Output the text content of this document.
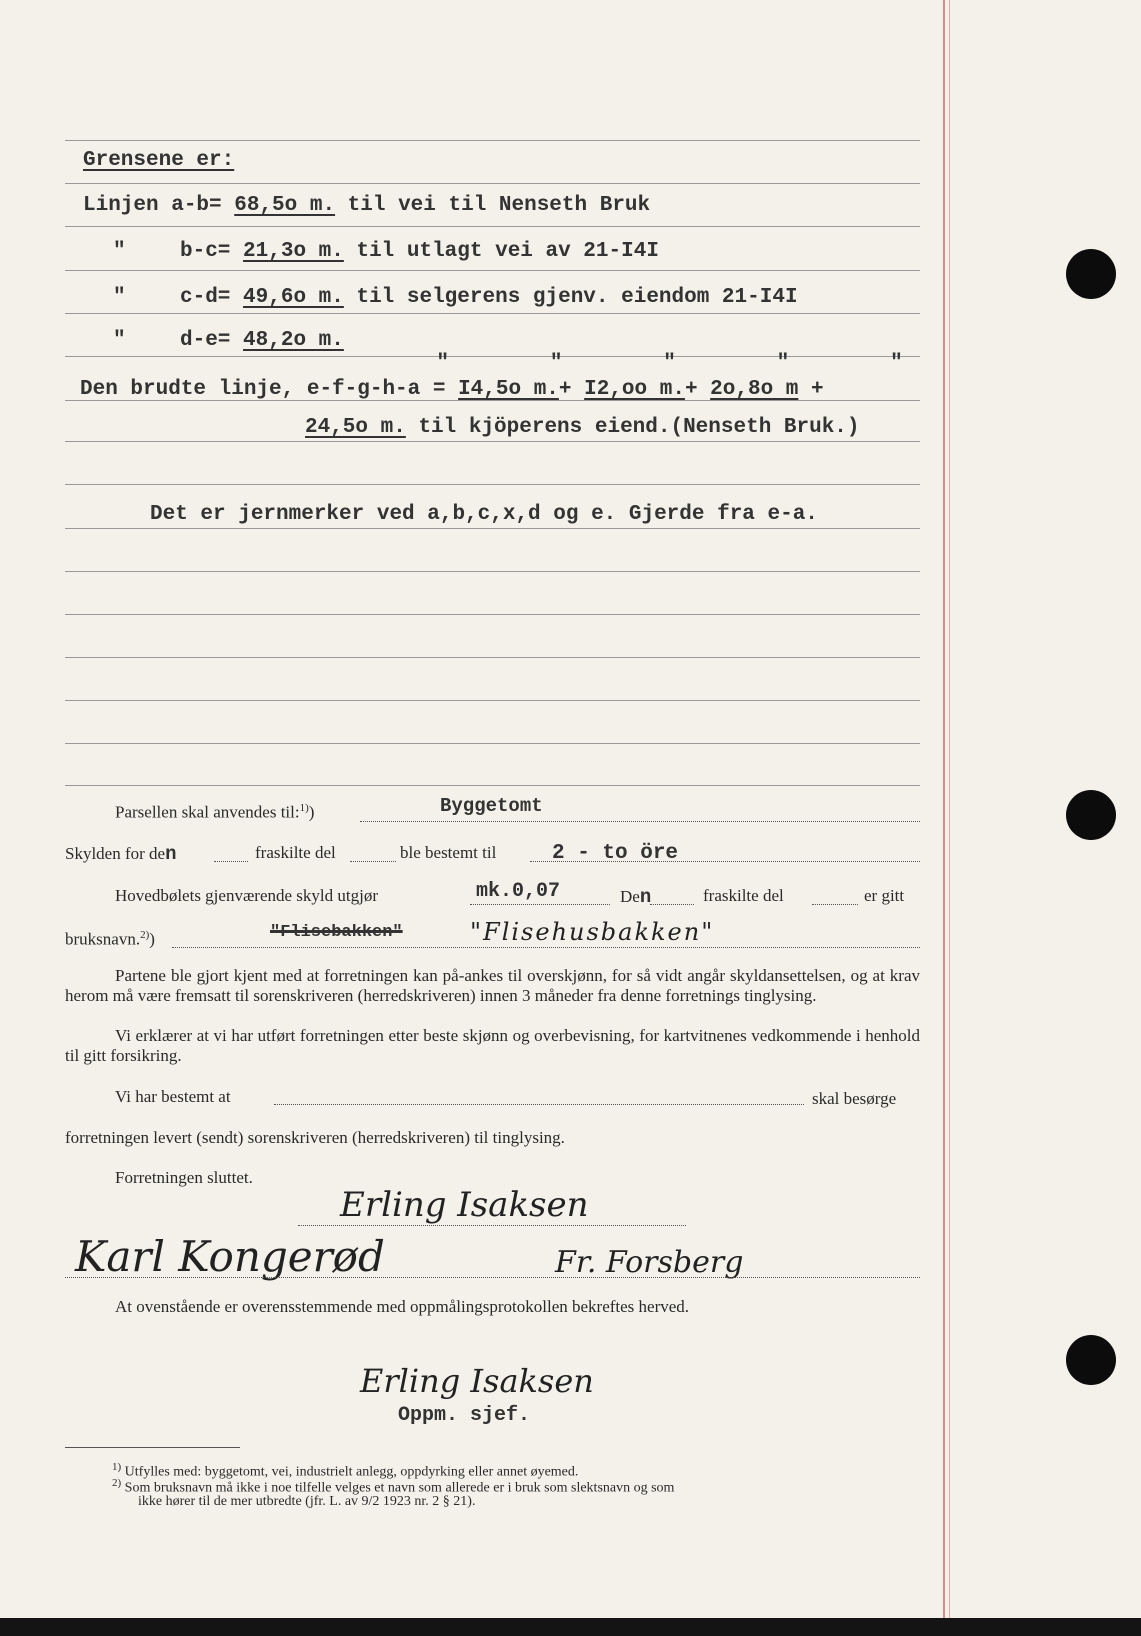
Grensene er:
Linjen a-b= 68,5o m. til vei til Nenseth Bruk
"	b-c= 21,3o m. til utlagt vei av 21-I4I
"	c-d= 49,6o m. til selgerens gjenv. eiendom 21-I4I
"	d-e= 48,2o m.

"        "        "        "        "

Den brudte linje, e-f-g-h-a = I4,5o m.+ I2,oo m.+ 2o,8o m +
24,5o m. til kjöperens eiend.(Nenseth Bruk.)
Det er jernmerker ved a,b,c,x,d og e. Gjerde fra e-a.
Parsellen skal anvendes til:$^{1)}$)	Byggetomt
Skylden for den	fraskilte del	ble bestemt til	2 - to öre
Hovedbølets gjenværende skyld utgjør	mk.0,07	Den	fraskilte del	er gitt
bruksnavn.$^{2)}$)	"Flisebakken"	"Flisehusbakken"
Partene ble gjort kjent med at forretningen kan på-ankes til overskjønn, for så vidt angår skyldansettelsen, og at krav herom må være fremsatt til sorenskriveren (herredskriveren) innen 3 måneder fra denne forretnings tinglysing.
Vi erklærer at vi har utført forretningen etter beste skjønn og overbevisning, for kartvitnenes vedkommende i henhold til gitt forsikring.
Vi har bestemt at	skal besørge
forretningen levert (sendt) sorenskriveren (herredskriveren) til tinglysing.
Forretningen sluttet.
Erling Isaksen
Karl Kongerød	Fr. Forsberg
At ovenstående er overensstemmende med oppmålingsprotokollen bekreftes herved.
Erling Isaksen
Oppm. sjef.
$^{1)}$ Utfylles med: byggetomt, vei, industrielt anlegg, oppdyrking eller annet øyemed.
$^{2)}$ Som bruksnavn må ikke i noe tilfelle velges et navn som allerede er i bruk som slektsnavn og som
ikke hører til de mer utbredte (jfr. L. av 9/2 1923 nr. 2 § 21).
